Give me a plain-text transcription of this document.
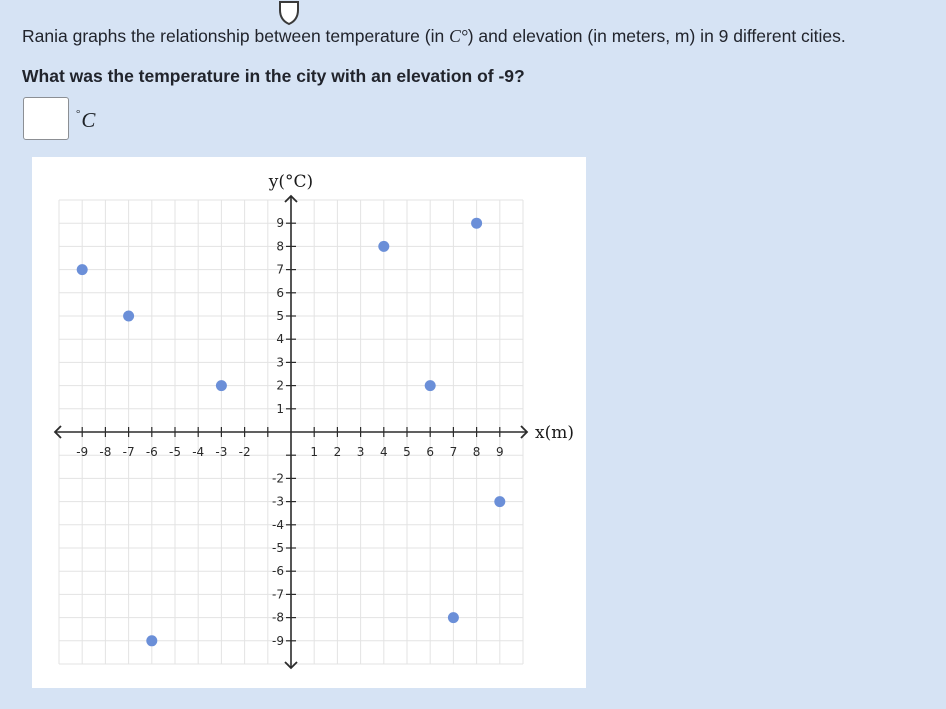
Rania graphs the relationship between temperature (in C°) and elevation (in meters, m) in 9 different cities.

What was the temperature in the city with an elevation of -9?

°C
-9 -8 -7 -6 -5 -4 -3 -2	1 2 3 4 5 6 7 8 9
9
8
7
6
5
4
3
2
1
-2
-3
-4
-5
-6
-7
-8
-9
y(°C)
x(m)
